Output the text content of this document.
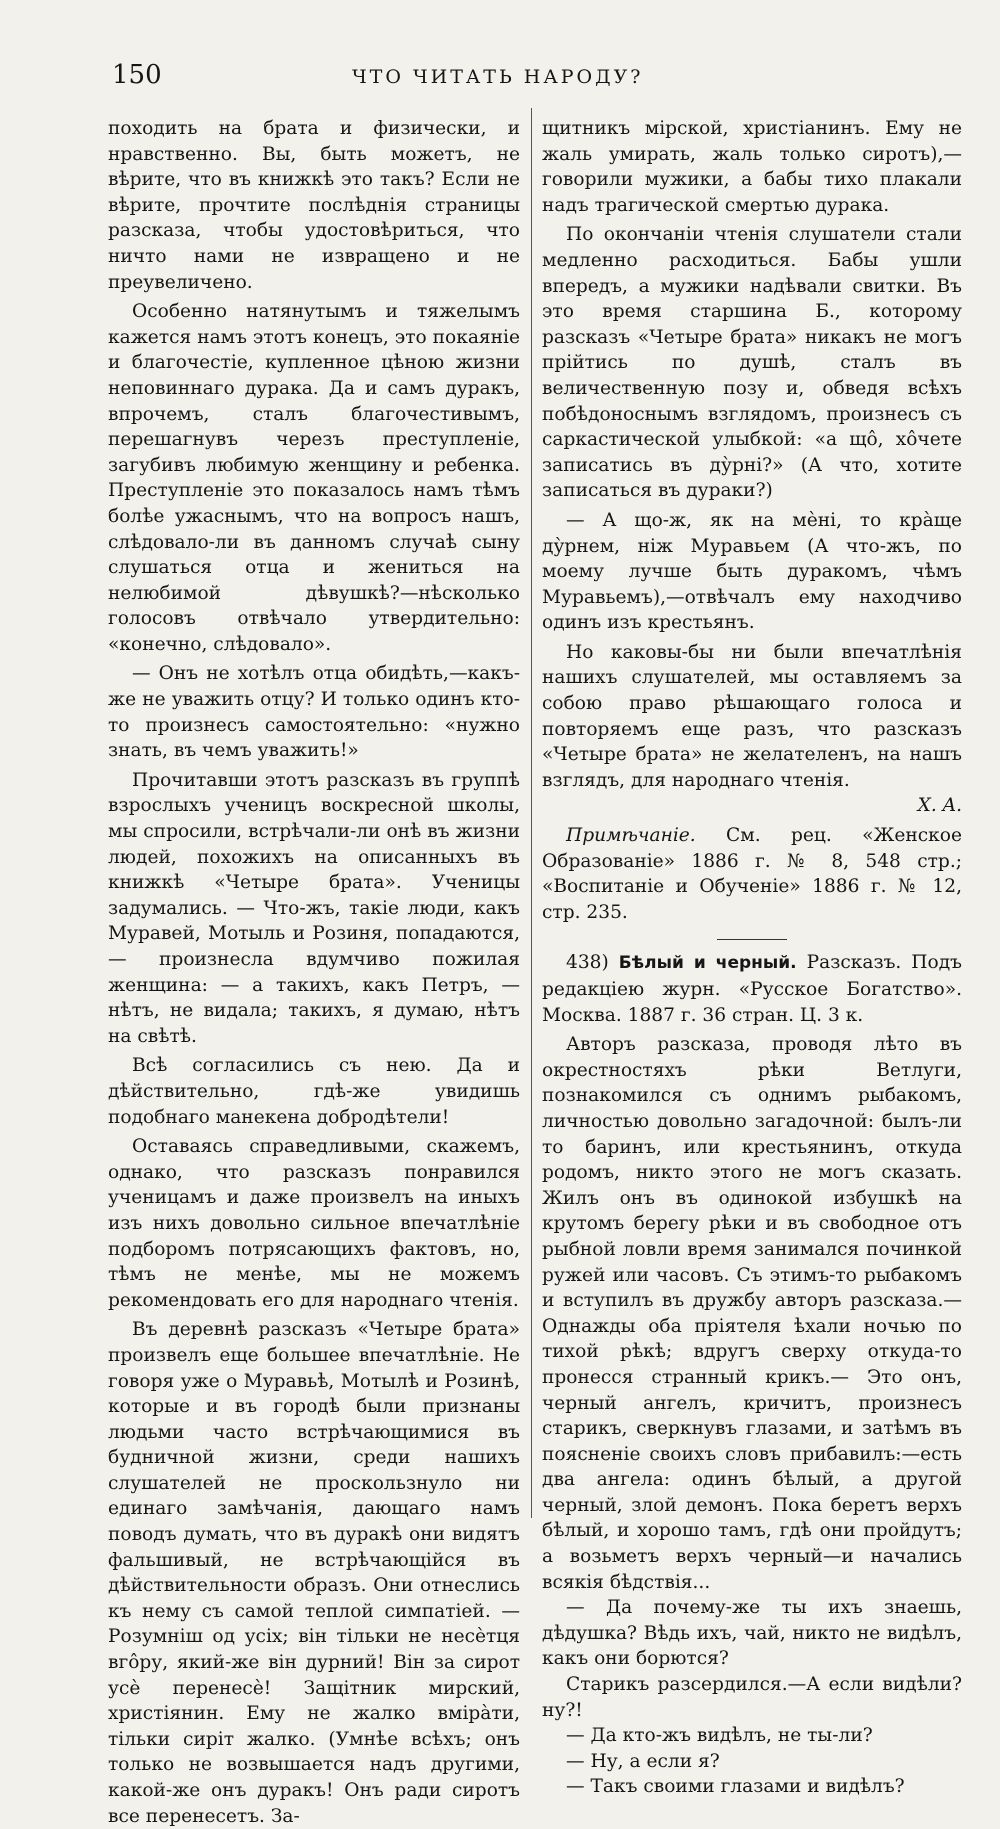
150	ЧТО ЧИТАТЬ НАРОДУ?

походить на брата и физически, и нравственно. Вы, быть можетъ, не вѣрите, что въ книжкѣ это такъ? Если не вѣрите, прочтите послѣднія страницы разсказа, чтобы удостовѣриться, что ничто нами не извращено и не преувеличено.

Особенно натянутымъ и тяжелымъ кажется намъ этотъ конецъ, это покаяніе и благочестіе, купленное цѣною жизни неповиннаго дурака. Да и самъ дуракъ, впрочемъ, сталъ благочестивымъ, перешагнувъ черезъ преступленіе, загубивъ любимую женщину и ребенка. Преступленіе это показалось намъ тѣмъ болѣе ужаснымъ, что на вопросъ нашъ, слѣдовало-ли въ данномъ случаѣ сыну слушаться отца и жениться на нелюбимой дѣвушкѣ?—нѣсколько голосовъ отвѣчало утвердительно: «конечно, слѣдовало».

— Онъ не хотѣлъ отца обидѣть,—какъ-же не уважить отцу? И только одинъ кто-то произнесъ самостоятельно: «нужно знать, въ чемъ уважить!»

Прочитавши этотъ разсказъ въ группѣ взрослыхъ ученицъ воскресной школы, мы спросили, встрѣчали-ли онѣ въ жизни людей, похожихъ на описанныхъ въ книжкѣ «Четыре брата». Ученицы задумались. — Что-жъ, такіе люди, какъ Муравей, Мотыль и Розиня, попадаются, — произнесла вдумчиво пожилая женщина: — а такихъ, какъ Петръ, — нѣтъ, не видала; такихъ, я думаю, нѣтъ на свѣтѣ.

Всѣ согласились съ нею. Да и дѣйствительно, гдѣ-же увидишь подобнаго манекена добродѣтели!

Оставаясь справедливыми, скажемъ, однако, что разсказъ понравился ученицамъ и даже произвелъ на иныхъ изъ нихъ довольно сильное впечатлѣніе подборомъ потрясающихъ фактовъ, но, тѣмъ не менѣе, мы не можемъ рекомендовать его для народнаго чтенія.

Въ деревнѣ разсказъ «Четыре брата» произвелъ еще большее впечатлѣніе. Не говоря уже о Муравьѣ, Мотылѣ и Розинѣ, которые и въ городѣ были признаны людьми часто встрѣчающимися въ будничной жизни, среди нашихъ слушателей не проскользнуло ни единаго замѣчанія, дающаго намъ поводъ думать, что въ дуракѣ они видятъ фальшивый, не встрѣчающійся въ дѣйствительности образъ. Они отнеслись къ нему съ самой теплой симпатіей. — Розумніш од усіх; він тільки не несѐтця вгôру, який-же він дурний! Він за сирот усѐ перенесѐ! Защітник мирский, христіянин. Ему не жалко вміра̀ти, тільки сиріт жалко. (Умнѣе всѣхъ; онъ только не возвышается надъ другими, какой-же онъ дуракъ! Онъ ради сиротъ все перенесетъ. За-

щитникъ мірской, христіанинъ. Ему не жаль умирать, жаль только сиротъ),—говорили мужики, а бабы тихо плакали надъ трагической смертью дурака.

По окончаніи чтенія слушатели стали медленно расходиться. Бабы ушли впередъ, а мужики надѣвали свитки. Въ это время старшина Б., которому разсказъ «Четыре брата» никакъ не могъ прійтись по душѣ, сталъ въ величественную позу и, обведя всѣхъ побѣдоноснымъ взглядомъ, произнесъ съ саркастической улыбкой: «а щô, хôчете записатись въ ду̀рні?» (А что, хотите записаться въ дураки?)

— А що-ж, як на мѐні, то кра̀ще ду̀рнем, ніж Муравьем (А что-жъ, по моему лучше быть дуракомъ, чѣмъ Муравьемъ),—отвѣчалъ ему находчиво одинъ изъ крестьянъ.

Но каковы-бы ни были впечатлѣнія нашихъ слушателей, мы оставляемъ за собою право рѣшающаго голоса и повторяемъ еще разъ, что разсказъ «Четыре брата» не желателенъ, на нашъ взглядъ, для народнаго чтенія.

X. A.

Примѣчаніе. См. рец. «Женское Образованіе» 1886 г. № 8, 548 стр.; «Воспитаніе и Обученіе» 1886 г. № 12, стр. 235.

438) Бѣлый и черный. Разсказъ. Подъ редакціею журн. «Русское Богатство». Москва. 1887 г. 36 стран. Ц. 3 к.

Авторъ разсказа, проводя лѣто въ окрестностяхъ рѣки Ветлуги, познакомился съ однимъ рыбакомъ, личностью довольно загадочной: былъ-ли то баринъ, или крестьянинъ, откуда родомъ, никто этого не могъ сказать. Жилъ онъ въ одинокой избушкѣ на крутомъ берегу рѣки и въ свободное отъ рыбной ловли время занимался починкой ружей или часовъ. Съ этимъ-то рыбакомъ и вступилъ въ дружбу авторъ разсказа.—Однажды оба пріятеля ѣхали ночью по тихой рѣкѣ; вдругъ сверху откуда-то пронесся странный крикъ.— Это онъ, черный ангелъ, кричитъ, произнесъ старикъ, сверкнувъ глазами, и затѣмъ въ поясненіе своихъ словъ прибавилъ:—есть два ангела: одинъ бѣлый, а другой черный, злой демонъ. Пока беретъ верхъ бѣлый, и хорошо тамъ, гдѣ они пройдутъ; а возьметъ верхъ черный—и начались всякія бѣдствія...

— Да почему-же ты ихъ знаешь, дѣдушка? Вѣдь ихъ, чай, никто не видѣлъ, какъ они борются?

Старикъ разсердился.—А если видѣли? ну?!

— Да кто-жъ видѣлъ, не ты-ли?

— Ну, а если я?

— Такъ своими глазами и видѣлъ?
